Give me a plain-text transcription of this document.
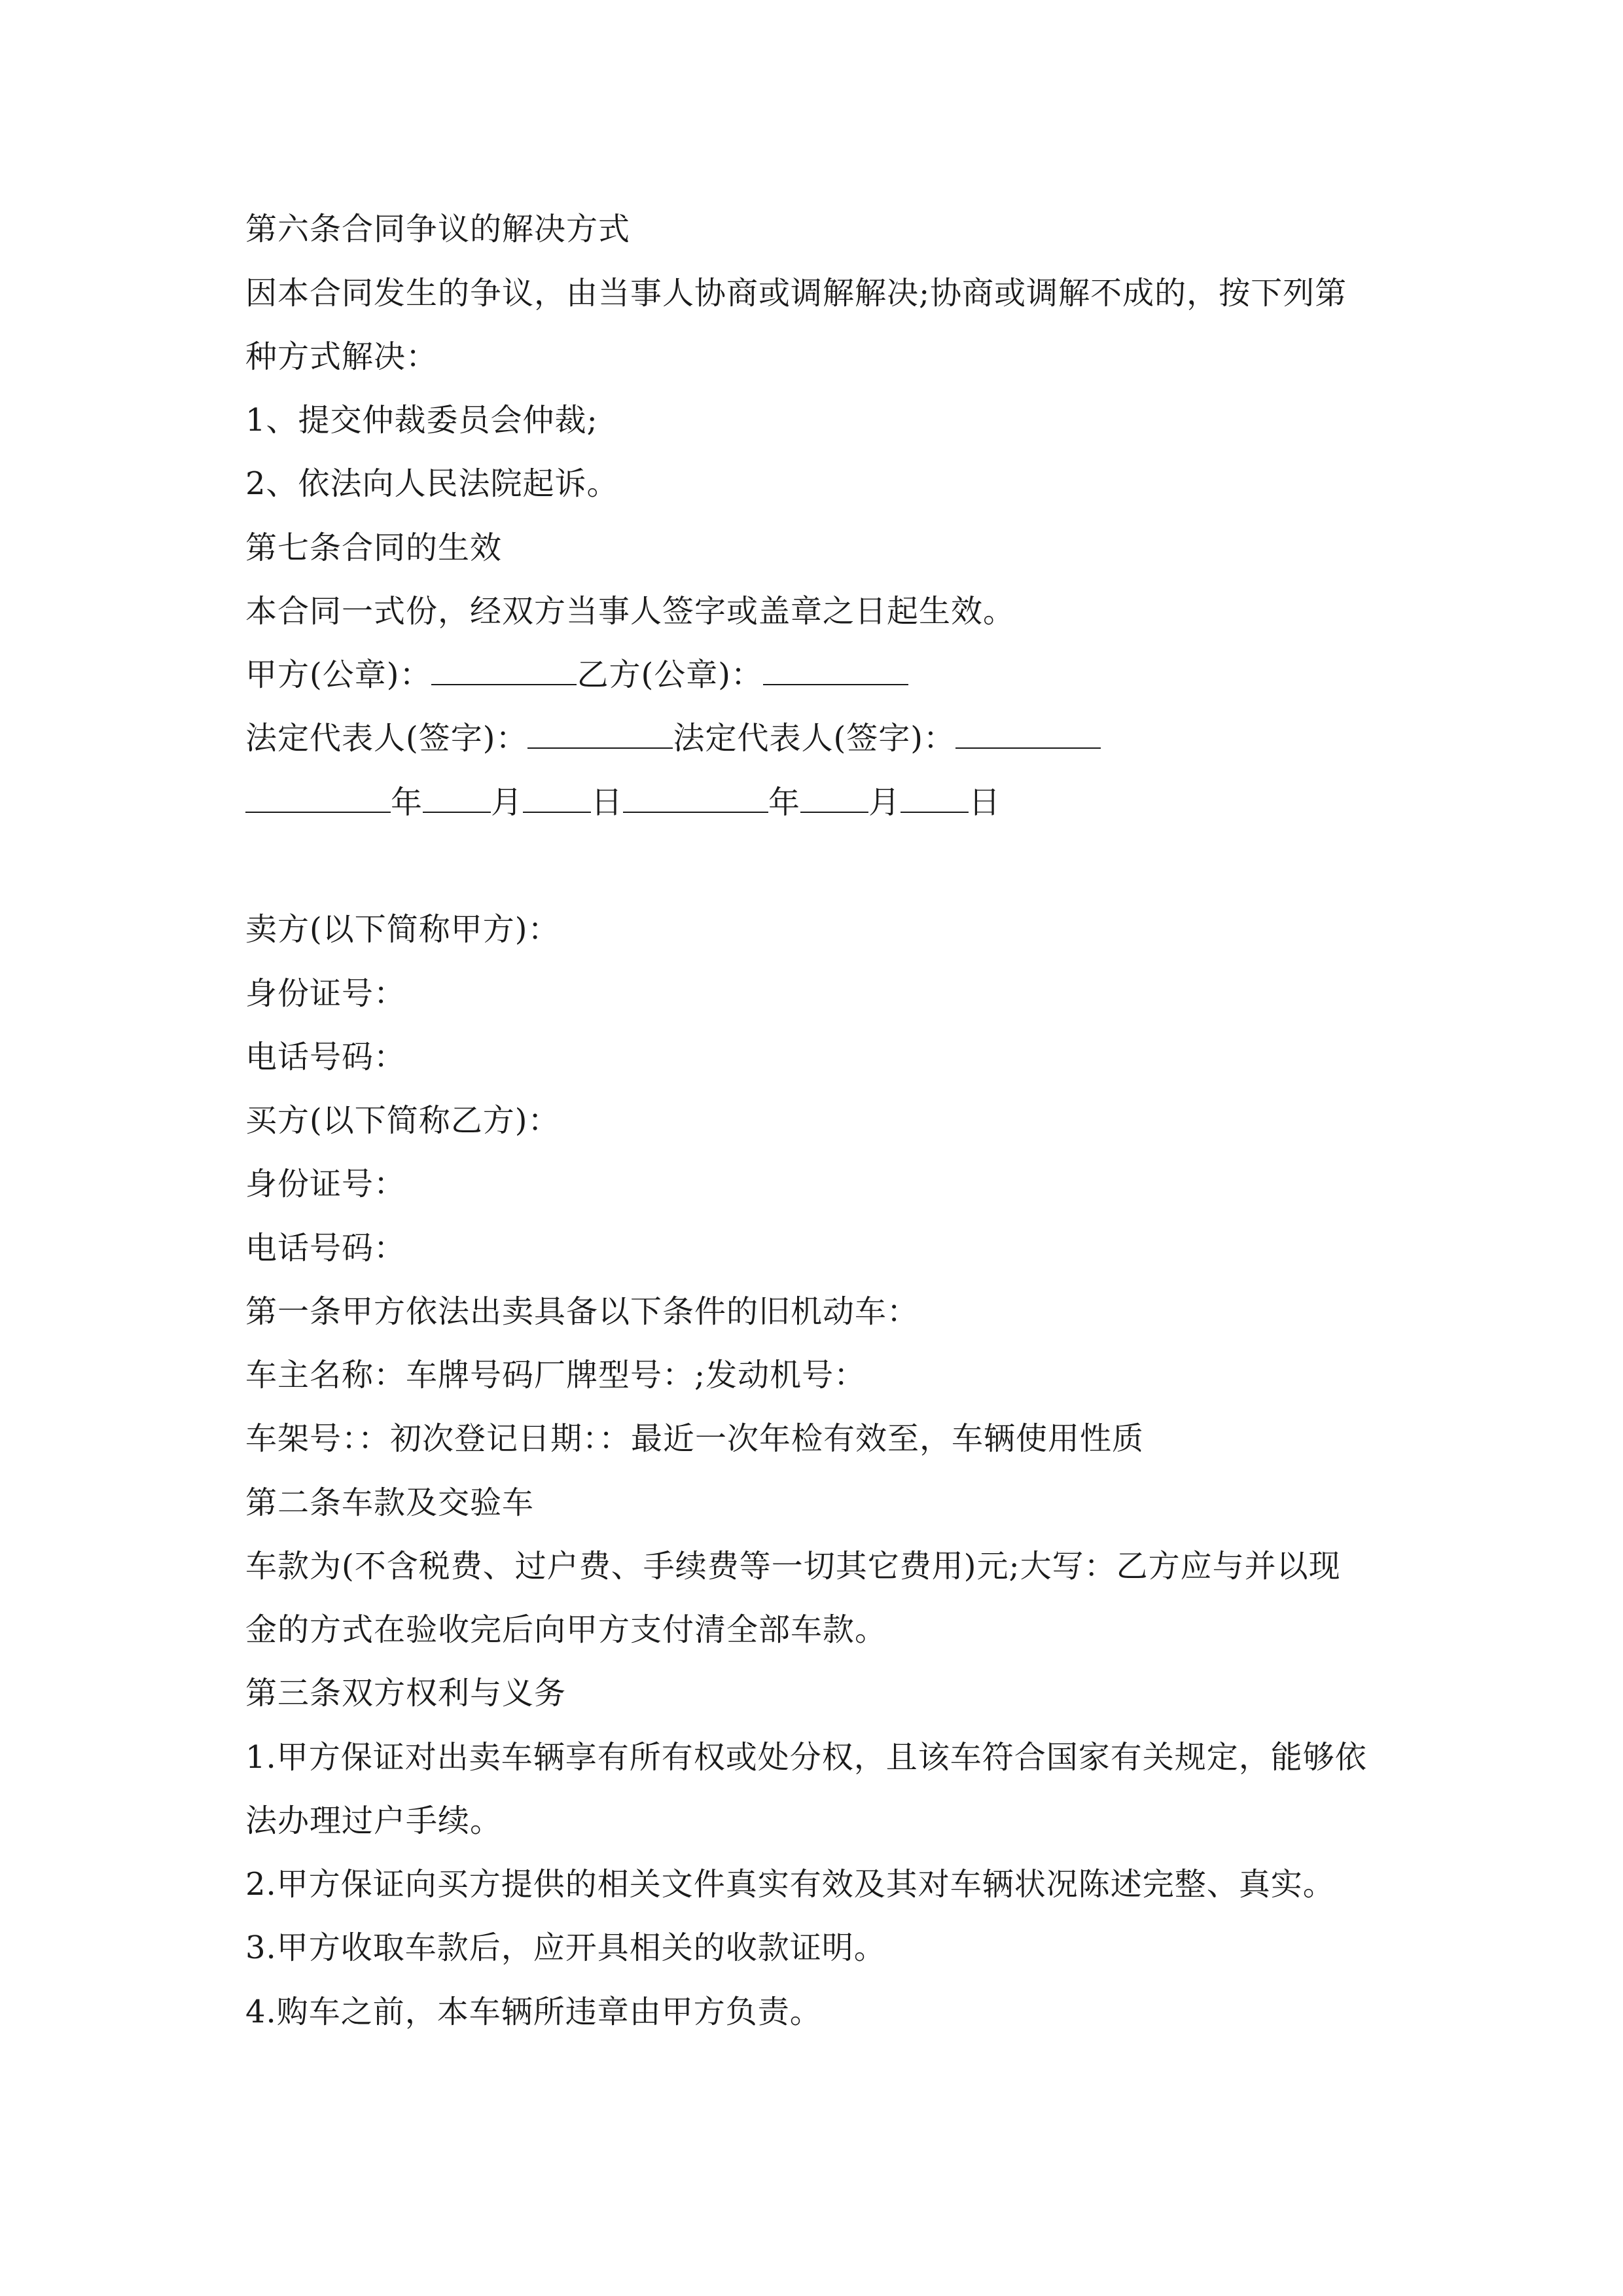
第六条合同争议的解决方式
因本合同发生的争议，由当事人协商或调解解决;协商或调解不成的，按下列第
种方式解决：
1、提交仲裁委员会仲裁;
2、依法向人民法院起诉。
第七条合同的生效
本合同一式份，经双方当事人签字或盖章之日起生效。
甲方(公章)：	乙方(公章)：
法定代表人(签字)：	法定代表人(签字)：
年 月 日	年 月 日
卖方(以下简称甲方)：
身份证号：
电话号码：
买方(以下简称乙方)：
身份证号：
电话号码：
第一条甲方依法出卖具备以下条件的旧机动车：
车主名称：车牌号码厂牌型号：;发动机号：
车架号：：初次登记日期：：最近一次年检有效至，车辆使用性质
第二条车款及交验车
车款为(不含税费、过户费、手续费等一切其它费用)元;大写：乙方应与并以现
金的方式在验收完后向甲方支付清全部车款。
第三条双方权利与义务
1.甲方保证对出卖车辆享有所有权或处分权，且该车符合国家有关规定，能够依
法办理过户手续。
2.甲方保证向买方提供的相关文件真实有效及其对车辆状况陈述完整、真实。
3.甲方收取车款后，应开具相关的收款证明。
4.购车之前，本车辆所违章由甲方负责。
